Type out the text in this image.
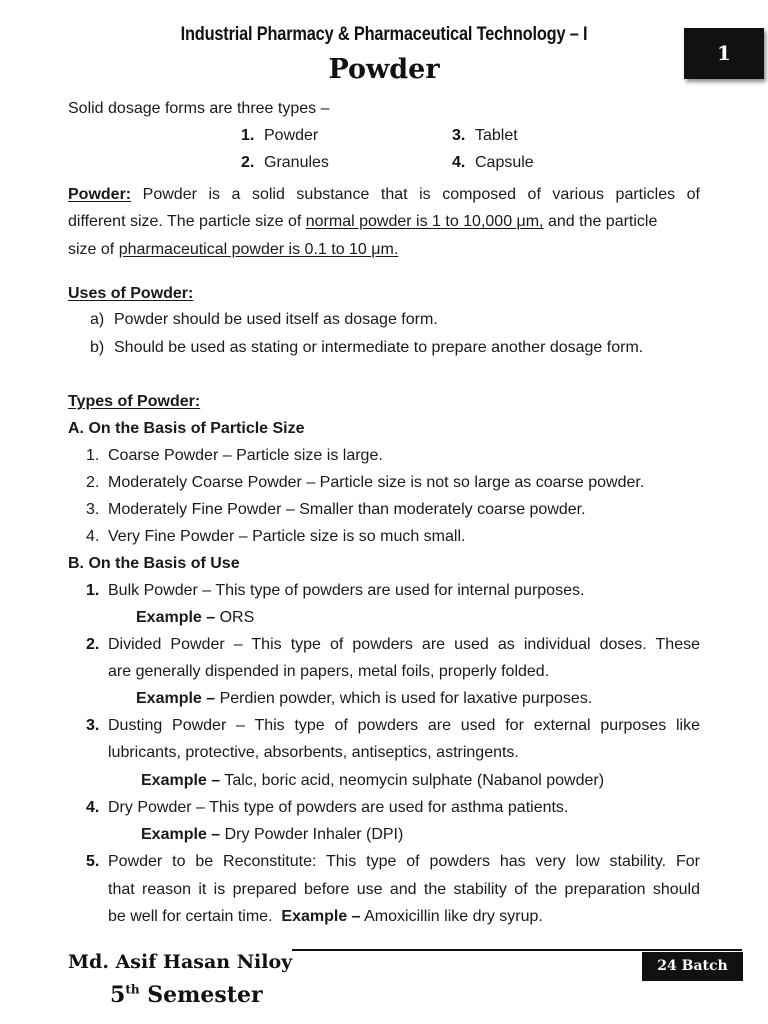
Industrial Pharmacy & Pharmaceutical Technology – I
Powder
1
Solid dosage forms are three types –
1. Powder
2. Granules
3. Tablet
4. Capsule
Powder: Powder is a solid substance that is composed of various particles of
different size. The particle size of normal powder is 1 to 10,000 μm, and the particle
size of pharmaceutical powder is 0.1 to 10 μm.
Uses of Powder:
a) Powder should be used itself as dosage form.
b) Should be used as stating or intermediate to prepare another dosage form.
Types of Powder:
A. On the Basis of Particle Size
1. Coarse Powder – Particle size is large.
2. Moderately Coarse Powder – Particle size is not so large as coarse powder.
3. Moderately Fine Powder – Smaller than moderately coarse powder.
4. Very Fine Powder – Particle size is so much small.
B. On the Basis of Use
1. Bulk Powder – This type of powders are used for internal purposes.
Example – ORS
2. Divided Powder – This type of powders are used as individual doses. These
are generally dispended in papers, metal foils, properly folded.
Example – Perdien powder, which is used for laxative purposes.
3. Dusting Powder – This type of powders are used for external purposes like
lubricants, protective, absorbents, antiseptics, astringents.
Example – Talc, boric acid, neomycin sulphate (Nabanol powder)
4. Dry Powder – This type of powders are used for asthma patients.
Example – Dry Powder Inhaler (DPI)
5. Powder to be Reconstitute: This type of powders has very low stability. For
that reason it is prepared before use and the stability of the preparation should
be well for certain time. Example – Amoxicillin like dry syrup.
Md. Asif Hasan Niloy
5th Semester
24 Batch
